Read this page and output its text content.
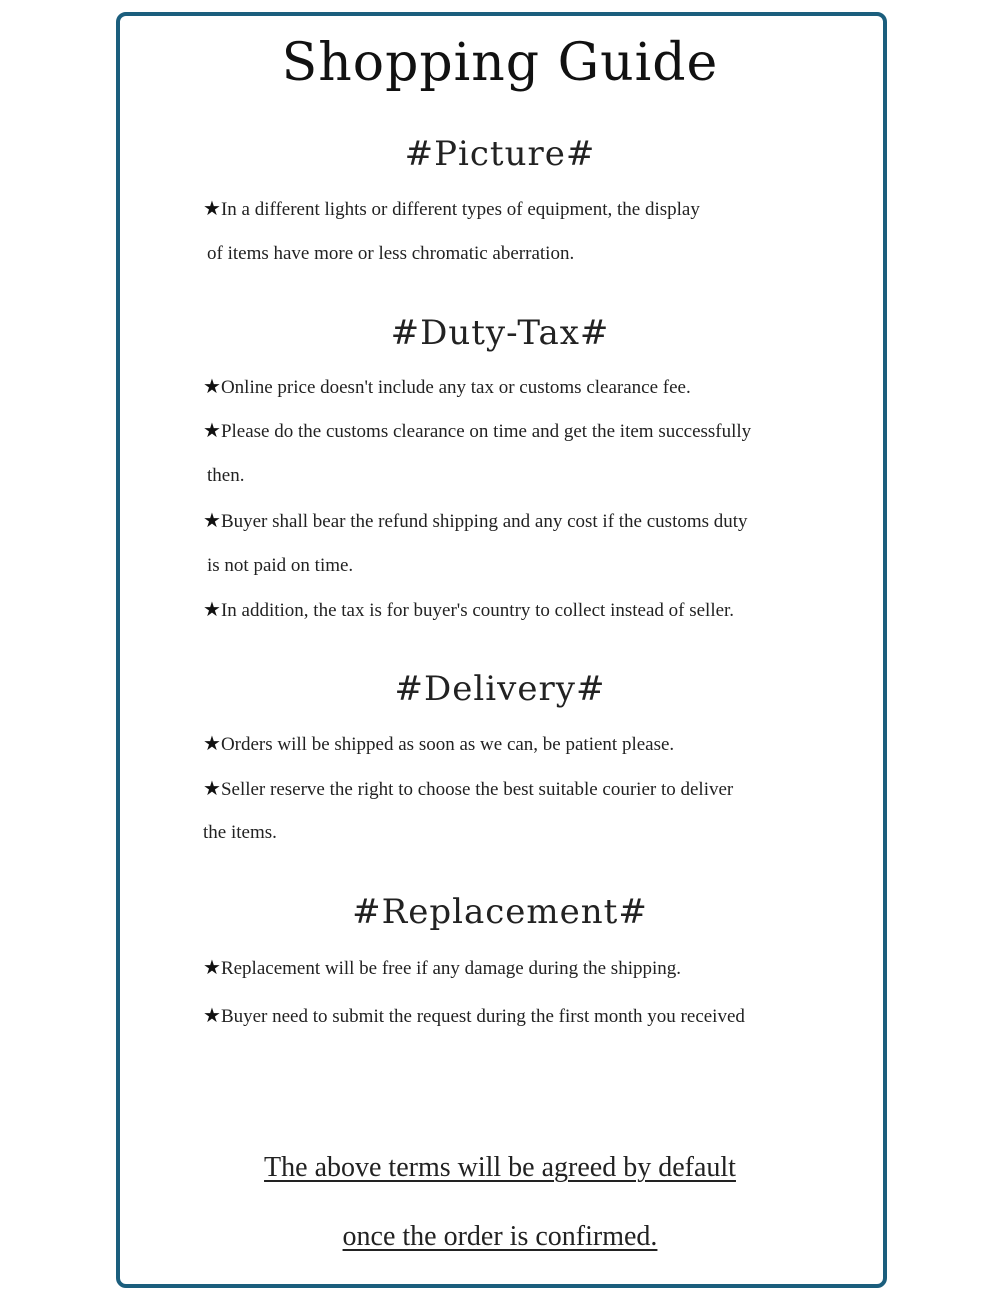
Shopping Guide
#Picture#
★In a different lights or different types of equipment, the display
of items have more or less chromatic aberration.
#Duty-Tax#
★Online price doesn't include any tax or customs clearance fee.
★Please do the customs clearance on time and get the item successfully
then.
★Buyer shall bear the refund shipping and any cost if the customs duty
is not paid on time.
★In addition, the tax is for buyer's country to collect instead of seller.
#Delivery#
★Orders will be shipped as soon as we can, be patient please.
★Seller reserve the right to choose the best suitable courier to deliver
the items.
#Replacement#
★Replacement will be free if any damage during the shipping.
★Buyer need to submit the request during the first month you received
The above terms will be agreed by default
once the order is confirmed.
